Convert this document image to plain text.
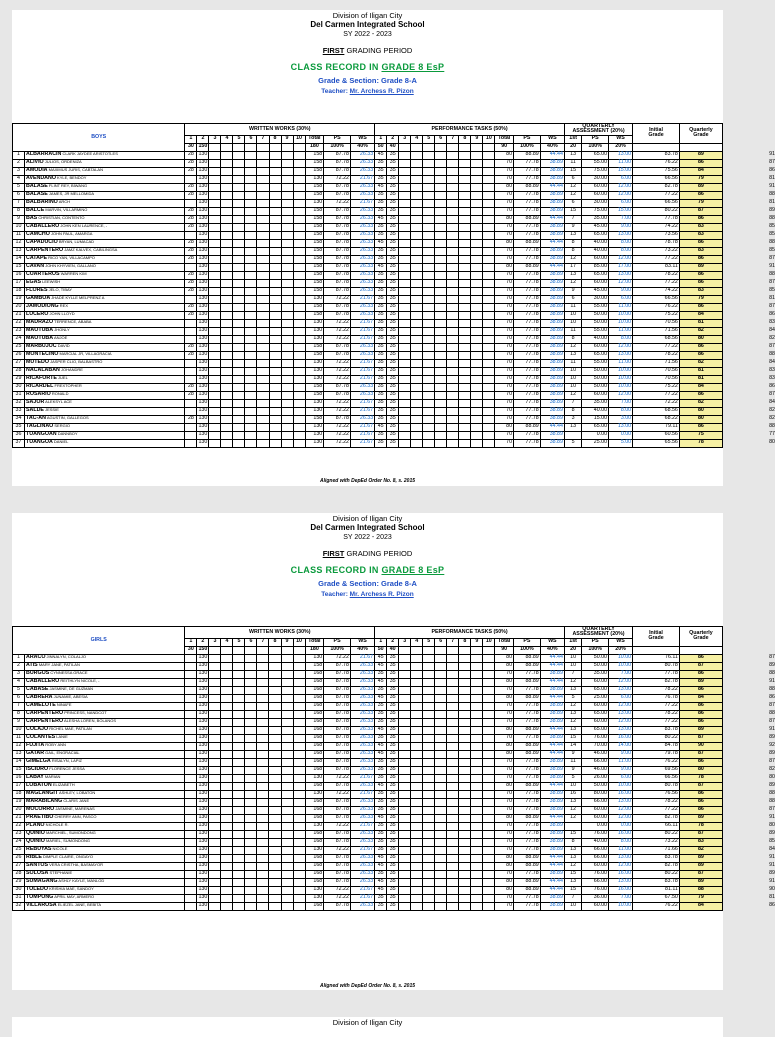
Division of Iligan City
Del Carmen Integrated School
SY 2022 - 2023
FIRST GRADING PERIOD
CLASS RECORD IN GRADE 8 EsP
Grade & Section: Grade 8-A
Teacher: Mr. Archess R. Pizon
BOYS		WRITTEN WORKS (30%)													PERFORMANCE TASKS (50%)													QUARTERLY
ASSESSMENT (20%)			Initial
Grade	Quarterly
Grade
		1	2	3	4	5	6	7	8	9	10	Total	PS	WS	1	2	3	4	5	6	7	8	9	10	Total	PS	WS	1st	PS	WS		
		30	150									180	100%	40%	50	40									90	100%	40%	20	100%	20%		
1	ALBARRACIN CLARK JAYDEE ARISTOTLES	28	130									158	87.78	26.33	45	35									80	88.89	44.44	13	65.00	13.00	83.78	89
2	ALIVIO JULIOS, ORDENIZA	28	130									158	87.78	26.33	35	35									70	77.78	38.89	11	55.00	11.00	76.22	86
3	AMODIA MAXIMUS JURIS, CABTALAN	28	130									158	87.78	26.33	35	35									70	77.78	38.89	15	75.00	15.00	75.56	84
4	AVENDANO KYLE, BENDOY		130									130	72.22	21.67	35	35									70	77.78	38.89	6	30.00	6.00	66.56	79
5	BALASE FLINT REY, BIWANG	28	130									158	87.78	26.33	45	35									80	88.89	44.44	12	60.00	12.00	82.78	89
6	BALASE JAMES, JR MELLOMIDA	28	130									158	87.78	26.33	35	35									70	77.78	38.89	12	60.00	12.00	77.22	86
7	BALBARINO ARCH		130									130	72.22	21.67	35	35									70	77.78	38.89	6	30.00	6.00	66.56	79
8	BALCE MARVIN, VILLARMINO	28	130									158	87.78	26.33	35	35									70	77.78	38.89	15	75.00	15.00	80.22	87
9	BAS CHRISTIAN, CONTENTO	28	130									158	87.78	26.33	45	35									80	88.89	44.44	7	35.00	7.00	77.78	86
10	CABALLERO JOHN KEN LAURENCE, -	28	130									158	87.78	26.33	35	35									70	77.78	38.89	9	45.00	9.00	74.22	83
11	CAMCHO JOHN PAUL, AMARGA		130									158	87.78	26.33	35	35									70	77.78	38.89	13	65.00	13.00	73.56	83
12	CAPADUCIO BRYAN, LUMACAD	28	130									158	87.78	26.33	45	35									80	88.89	44.44	8	40.00	8.00	78.78	86
13	CARPENTERO JAMZ KALVEX, CABILINGSA	28	130									158	87.78	26.33	35	35									70	77.78	38.89	8	40.00	8.00	73.22	83
14	CATAPE RICO YAN, VILLACAMPO	28	130									158	87.78	26.33	35	35									70	77.78	38.89	12	60.00	12.00	77.22	86
15	CAVAN JOHN KHYVIEN, GALLANO		130									158	87.78	26.33	45	35									80	88.89	44.44	17	85.00	17.00	83.11	89
16	CUARTEROS WARREN KIM	28	130									158	87.78	26.33	35	35									70	77.78	38.89	13	65.00	13.00	78.22	86
17	EGAS LEEWISH	28	130									158	87.78	26.33	35	35									70	77.78	38.89	12	60.00	12.00	77.22	86
18	FLORES JELO, TIBAY	28	130									158	87.78	26.33	35	35									70	77.78	38.89	9	45.00	9.00	74.22	83
19	GAMBOA JHADE KYLLE MELPRENZ A		130									130	72.22	21.67	35	35									70	77.78	38.89	6	30.00	6.00	66.56	79
20	JAMODIONG REX	28	130									158	87.78	26.33	35	35									70	77.78	38.89	11	55.00	11.00	76.22	86
21	LUCERO JOHN LLOYD	28	130									158	87.78	26.33	35	35									70	77.78	38.89	10	50.00	10.00	75.22	84
22	MADRAZO TERRENCE, ABABA		130									130	72.22	21.67	35	35									70	77.78	38.89	10	50.00	10.00	70.56	81
23	MAOTUBA JHONLY		130									130	72.22	21.67	35	35									70	77.78	38.89	11	55.00	11.00	71.56	82
24	MAOTUBA ANJOE		130									130	72.22	21.67	35	35									70	77.78	38.89	8	40.00	8.00	68.56	80
25	MARBUJOC DAVID	28	130									158	87.78	26.33	35	35									70	77.78	38.89	12	60.00	12.00	77.22	86
26	MONTECINO MARCIAL JR, VILLAGRACIA	28	130									158	87.78	26.33	35	35									70	77.78	38.89	13	65.00	13.00	78.22	86
27	MUTEDO JASPER CLIO, BALBASTRO		130									130	72.22	21.67	35	35									70	77.78	38.89	11	55.00	11.00	71.56	82
28	NACALABAN JOHANDRE		130									130	72.22	21.67	35	35									70	77.78	38.89	10	50.00	10.00	70.56	81
29	RICAFORTE JUEL		130									130	72.22	21.67	35	35									70	77.78	38.89	10	50.00	10.00	70.56	81
30	RICARDEL FREXTOPHER	28	130									158	87.78	26.33	35	35									70	77.78	38.89	10	50.00	10.00	75.22	84
31	ROSARIO RONALD	28	130									158	87.78	26.33	35	35									70	77.78	38.89	12	60.00	12.00	77.22	86
32	SAJOR ALEKSYL ACE		130									130	72.22	21.67	35	35									70	77.78	38.89	7	35.00	7.00	72.22	82
33	SALDE JESSIE		130									130	72.22	21.67	35	35									70	77.78	38.89	8	40.00	8.00	68.56	80
34	TAC-AN AGUSTIN, GALLEGOS	28	130									158	87.78	26.33	35	35									70	77.78	38.89	3	15.00	3.00	68.22	80
35	TAGLINAO SERGIO		130									130	72.22	21.67	45	35									80	88.89	44.44	13	65.00	13.00	79.11	86
36	TUANGOAN DANNBOY		130									130	72.22	21.67	35	35									70	77.78	38.89		0.00	0.00	60.56	75
37	TUANGOA DANIEL		130									130	72.22	21.67	35	35									70	77.78	38.89	5	25.00	5.00	65.56	78
Aligned with DepEd Order No. 8, s. 2015
91
87
86
81
91
88
81
89
88
85
85
88
85
87
91
88
87
85
81
87
86
83
84
82
87
88
84
83
83
86
87
84
82
82
88
77
80
Division of Iligan City
Del Carmen Integrated School
SY 2022 - 2023
FIRST GRADING PERIOD
CLASS RECORD IN GRADE 8 EsP
Grade & Section: Grade 8-A
Teacher: Mr. Archess R. Pizon
GIRLS		WRITTEN WORKS (30%)													PERFORMANCE TASKS (50%)													QUARTERLY
ASSESSMENT (20%)			Initial
Grade	Quarterly
Grade
		1	2	3	4	5	6	7	8	9	10	Total	PS	WS	1	2	3	4	5	6	7	8	9	10	Total	PS	WS	1st	PS	WS		
		30	150									180	100%	40%	50	40									90	100%	40%	20	100%	20%		
1	ARACO JINNALYN, COLALJO		130									130	72.22	21.67	45	35									80	88.89	44.44	10	50.00	10.00	76.11	86
2	ATIS MARY JANE, PATILAN		130									158	87.78	26.33	45	35									80	88.89	44.44	10	50.00	10.00	80.78	87
3	BURGOS CYNNESSA GRACE		130									168	87.78	26.33	35	35									70	77.78	38.89	7	35.00	7.00	77.78	86
4	CABALLERO REITHLYN NICOLE, -		130									168	87.78	26.33	45	35									80	88.89	44.44	12	60.00	12.00	82.78	89
5	CABASE JASMINE, DE GUZMAN		130									168	87.78	26.33	35	35									70	77.78	38.89	13	65.00	13.00	78.22	86
6	CABRERA JUNAMIE, ABESIA		130									168	87.78	26.33	45	35									80	88.89	44.44	5	25.00	6.00	76.78	84
7	CAMELOTE NINAFE		130									168	87.78	26.33	35	35									70	77.78	38.89	12	60.00	12.00	77.22	86
8	CARPENTERO PRINCESS, NANDCOT		130									168	87.78	26.33	35	35									70	77.78	38.89	13	65.00	13.00	78.22	86
9	CARPENTERO ALESHA LOREN, BOLANOS		130									168	87.78	26.33	35	35									70	77.78	38.89	12	60.00	12.00	77.22	86
10	COLAJO RICHEL MAE, PATILAN		130									168	87.78	26.33	45	35									80	88.89	44.44	13	65.00	13.00	83.78	89
11	COLANTES LANIE		130									168	87.78	26.33	35	35									70	77.78	38.89	15	76.00	16.00	80.22	87
12	FUJITA ROBY ANN		130									168	87.78	26.33	45	35									80	88.89	44.44	14	70.00	14.00	84.78	90
13	GATAR GAIL, ENGRACIAL		130									168	87.78	26.33	45	35									80	88.89	44.44	9	46.00	9.00	79.78	87
14	GIMELGA RISALYN, LAPIZ		130									168	87.78	26.33	35	35									70	77.78	38.89	11	66.00	11.00	76.22	86
15	ISCIDRO FLORENCE JESSA		130									168	87.78	26.33	35	35									70	77.78	38.89	9	46.00	9.00	69.56	80
16	LABAY MARIAN		130									130	72.22	21.67	35	35									70	77.78	38.89	5	26.00	6.00	66.56	78
17	LOBATON ELIZABETH		130									168	87.78	26.33	45	35									80	88.89	44.44	10	50.00	10.00	80.78	87
18	MAGLANGIT ASHLEY, LOBATON		130									130	72.22	21.67	35	35									70	77.78	38.89	16	80.00	16.00	76.56	86
19	MARABILANG CLARIS JANE		130									168	87.78	26.33	35	35									70	77.78	38.89	13	66.00	13.00	78.22	86
20	MOCORRO JASMINE, MARENAS		130									168	87.78	26.33	35	35									70	77.78	38.89	12	60.00	12.00	77.22	86
21	PRAETIBO CHERRY ANN, PASCO		130									168	87.78	26.33	45	35									80	88.89	44.44	12	60.00	12.00	82.78	89
22	PLANO NICHOLE R.		130									130	72.22	21.67	35	35									70	77.78	38.89		0.00	0.00	66.11	78
23	QUINIO MARCHIEL, SUMONDONG		130									168	87.78	26.33	35	35									70	77.78	38.89	15	76.00	16.00	80.22	87
24	QUINIO MARIEL, SUMONDONG		130									168	87.78	26.33	35	35									70	77.78	38.89	8	40.00	8.00	73.22	83
25	REBUYAS NICOLE		130									130	72.22	21.67	35	35									70	77.78	38.89	13	66.00	11.00	71.66	82
26	RIBLE DIMPLE CLAIRE, ONGAYO		130									168	87.78	26.33	45	35									80	88.89	44.44	13	66.00	13.00	83.78	89
27	SANTOS VERA CRISTHA, BASMAYOR		130									168	87.78	26.33	45	35									80	88.89	44.44	12	60.00	12.00	82.78	89
28	SOLOSA STEPHANIE		130									168	87.78	26.33	35	35									70	77.78	38.89	15	76.00	16.00	80.22	87
29	SUMAGANG ASHLY KAYLE, MANLOD		130									168	87.78	26.33	45	35									80	88.89	44.44	13	66.00	13.00	83.78	89
30	TOLEDO KRISHIA MAE, SANDOY		130									130	72.22	21.67	45	35									80	88.89	44.44	15	76.00	16.00	81.11	88
31	TOMPONG APRIL MAY, ARMERO		130									130	72.22	21.67	35	35									70	77.78	38.89	7	36.00	7.00	67.50	79
32	VILLAROSA ELIEZEL JANE, BEBITA		130									168	87.78	26.33	35	35									70	77.78	38.89	10	60.00	10.00	76.22	84
Aligned with DepEd Order No. 8, s. 2015
87
89
88
91
88
86
87
88
87
91
89
92
89
87
82
80
89
88
88
87
91
80
89
85
84
91
91
89
91
90
81
86
Division of Iligan City
